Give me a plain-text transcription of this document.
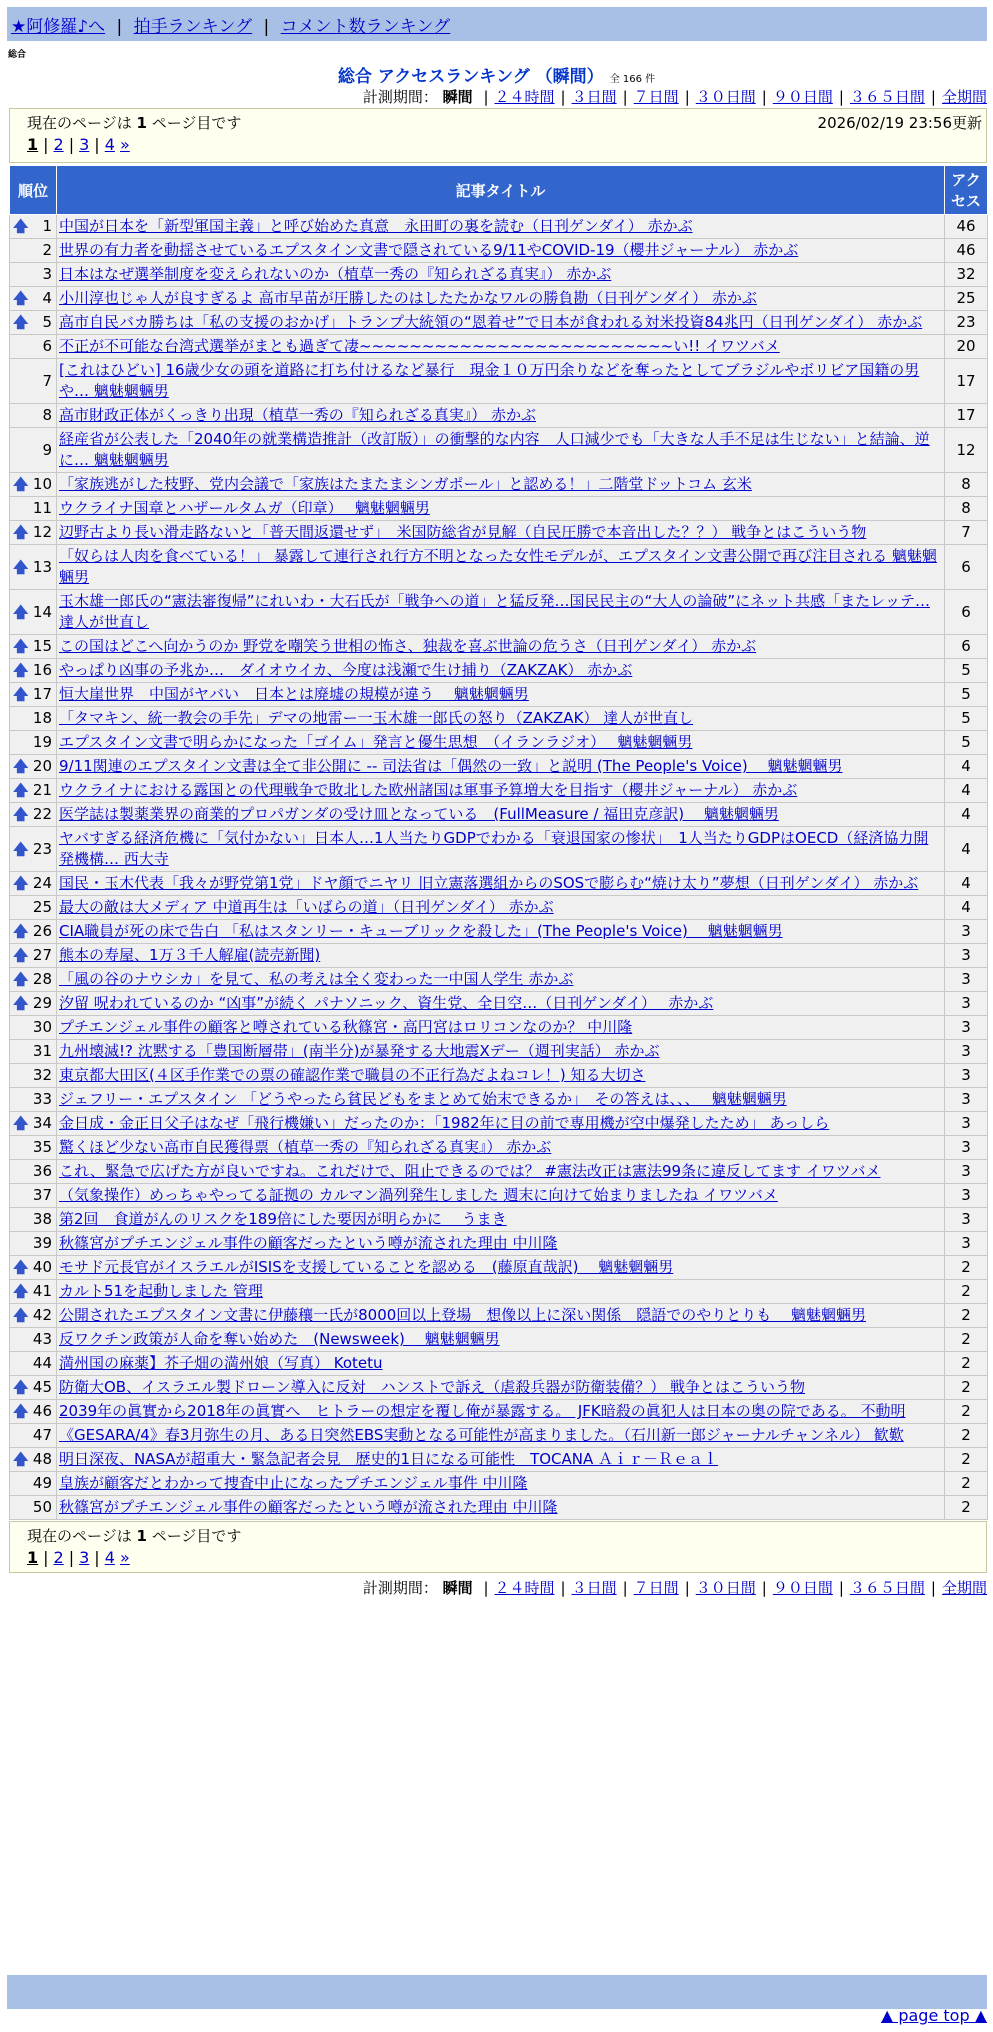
★阿修羅♪へ | 拍手ランキング | コメント数ランキング
総合
総合 アクセスランキング （瞬間） 全 166 件
計測期間： 瞬間 | ２４時間 | ３日間 | ７日間 | ３０日間 | ９０日間 | ３６５日間 | 全期間
現在のページは 1 ページ目です	2026/02/19 23:56更新
1 | 2 | 3 | 4 »
順位	記事タイトル	アクセス

🡅 1	中国が日本を「新型軍国主義」と呼び始めた真意　永田町の裏を読む（日刊ゲンダイ） 赤かぶ	46
2	世界の有力者を動揺させているエプスタイン文書で隠されている9/11やCOVID-19（櫻井ジャーナル） 赤かぶ	46
3	日本はなぜ選挙制度を変えられないのか（植草一秀の『知られざる真実』） 赤かぶ	32

🡅 4	小川淳也じゃ人が良すぎるよ 高市早苗が圧勝したのはしたたかなワルの勝負勘（日刊ゲンダイ） 赤かぶ	25

🡅 5	高市自民バカ勝ちは「私の支援のおかげ」トランプ大統領の“恩着せ”で日本が食われる対米投資84兆円（日刊ゲンダイ） 赤かぶ	23
6	不正が不可能な台湾式選挙がまとも過ぎて凄~~~~~~~~~~~~~~~~~~~~~~~~~い!! イワツバメ	20
7	[これはひどい] 16歳少女の頭を道路に打ち付けるなど暴行　現金１０万円余りなどを奪ったとしてブラジルやボリビア国籍の男や… 魑魅魍魎男	17
8	高市財政正体がくっきり出現（植草一秀の『知られざる真実』） 赤かぶ	17
9	経産省が公表した「2040年の就業構造推計（改訂版）」の衝撃的な内容　人口減少でも「大きな人手不足は生じない」と結論、逆に… 魑魅魍魎男	12

🡅 10	「家族逃がした枝野、党内会議で「家族はたまたまシンガポール」と認める！」二階堂ドットコム 玄米	8
11	ウクライナ国章とハザールタムガ（印章）　 魑魅魍魎男	8

🡅 12	辺野古より長い滑走路ないと「普天間返還せず」　米国防総省が見解（自民圧勝で本音出した？？） 戦争とはこういう物	7

🡅 13	「奴らは人肉を食べている！」 暴露して連行され行方不明となった女性モデルが、エプスタイン文書公開で再び注目される 魑魅魍魎男	6

🡅 14	玉木雄一郎氏の“憲法審復帰”にれいわ・大石氏が「戦争への道」と猛反発…国民民主の“大人の論破”にネット共感「またレッテ… 達人が世直し	6

🡅 15	この国はどこへ向かうのか 野党を嘲笑う世相の怖さ、独裁を喜ぶ世論の危うさ（日刊ゲンダイ） 赤かぶ	6

🡅 16	やっぱり凶事の予兆か…　ダイオウイカ、今度は浅瀬で生け捕り（ZAKZAK） 赤かぶ	5

🡅 17	恒大崖世界　中国がヤバい　日本とは廃墟の規模が違う　 魑魅魍魎男	5
18	「タマキン、統一教会の手先」デマの地雷ー一玉木雄一郎氏の怒り（ZAKZAK） 達人が世直し	5
19	エプスタイン文書で明らかになった「ゴイム」発言と優生思想　（イランラジオ）　 魑魅魍魎男	5

🡅 20	9/11関連のエプスタイン文書は全て非公開に -- 司法省は「偶然の一致」と説明 (The People's Voice)　 魑魅魍魎男	4

🡅 21	ウクライナにおける露国との代理戦争で敗北した欧州諸国は軍事予算増大を目指す（櫻井ジャーナル） 赤かぶ	4

🡅 22	医学誌は製薬業界の商業的プロパガンダの受け皿となっている　(FullMeasure / 福田克彦訳)　 魑魅魍魎男	4

🡅 23	ヤバすぎる経済危機に「気付かない」日本人…1人当たりGDPでわかる「衰退国家の惨状」　1人当たりGDPはOECD（経済協力開発機構… 西大寺	4

🡅 24	国民・玉木代表「我々が野党第1党」ドヤ顔でニヤリ 旧立憲落選組からのSOSで膨らむ“焼け太り”夢想（日刊ゲンダイ） 赤かぶ	4
25	最大の敵は大メディア 中道再生は「いばらの道」（日刊ゲンダイ） 赤かぶ	4

🡅 26	CIA職員が死の床で告白 「私はスタンリー・キューブリックを殺した」(The People's Voice)　 魑魅魍魎男	3

🡅 27	熊本の寿屋、1万３千人解雇(読売新聞)	3

🡅 28	「風の谷のナウシカ」を見て、私の考えは全く変わった一中国人学生 赤かぶ	3

🡅 29	汐留 呪われているのか “凶事”が続く パナソニック、資生党、全日空…（日刊ゲンダイ）　 赤かぶ	3
30	プチエンジェル事件の顧客と噂されている秋篠宮・高円宮はロリコンなのか？ 中川隆	3
31	九州壊滅!? 沈黙する「豊国断層帯」(南半分)が暴発する大地震Xデー（週刊実話） 赤かぶ	3
32	東京都大田区(４区手作業での票の確認作業で職員の不正行為だよねコレ！) 知る大切さ	3
33	ジェフリー・エプスタイン 「どうやったら貧民どもをまとめて始末できるか」　その答えは、、、　 魑魅魍魎男	3

🡅 34	金日成・金正日父子はなぜ「飛行機嫌い」だったのか：「1982年に目の前で専用機が空中爆発したため」 あっしら	3
35	驚くほど少ない高市自民獲得票（植草一秀の『知られざる真実』） 赤かぶ	3
36	これ、緊急で広げた方が良いですね。これだけで、阻止できるのでは？ #憲法改正は憲法99条に違反してます イワツバメ	3
37	（気象操作）めっちゃやってる証拠の カルマン渦列発生しました 週末に向けて始まりましたね イワツバメ	3
38	第2回　食道がんのリスクを189倍にした要因が明らかに　 うまき	3
39	秋篠宮がプチエンジェル事件の顧客だったという噂が流された理由 中川隆	3

🡅 40	モサド元長官がイスラエルがISISを支援していることを認める　(藤原直哉訳)　 魑魅魍魎男	2

🡅 41	カルト51を起動しました 管理	2

🡅 42	公開されたエプスタイン文書に伊藤穰一氏が8000回以上登場　想像以上に深い関係　隠語でのやりとりも　 魑魅魍魎男	2
43	反ワクチン政策が人命を奪い始めた　(Newsweek)　 魑魅魍魎男	2
44	満州国の麻薬】芥子畑の満州娘（写真） Kotetu	2

🡅 45	防衛大OB、イスラエル製ドローン導入に反対　ハンストで訴え（虐殺兵器が防衛装備？） 戦争とはこういう物	2

🡅 46	2039年の眞實から2018年の眞實へ　ヒトラーの想定を覆し俺が暴露する。　JFK暗殺の眞犯人は日本の奥の院である。 不動明	2
47	《GESARA/4》春3月弥生の月、ある日突然EBS実動となる可能性が高まりました。（石川新一郎ジャーナルチャンネル） 歓歎	2

🡅 48	明日深夜、NASAが超重大・緊急記者会見　歴史的1日になる可能性　TOCANA Ａｉｒ－Ｒｅａｌ	2
49	皇族が顧客だとわかって捜査中止になったプチエンジェル事件 中川隆	2
50	秋篠宮がプチエンジェル事件の顧客だったという噂が流された理由 中川隆	2
現在のページは 1 ページ目です
1 | 2 | 3 | 4 »
計測期間： 瞬間 | ２４時間 | ３日間 | ７日間 | ３０日間 | ９０日間 | ３６５日間 | 全期間
▲ page top ▲
